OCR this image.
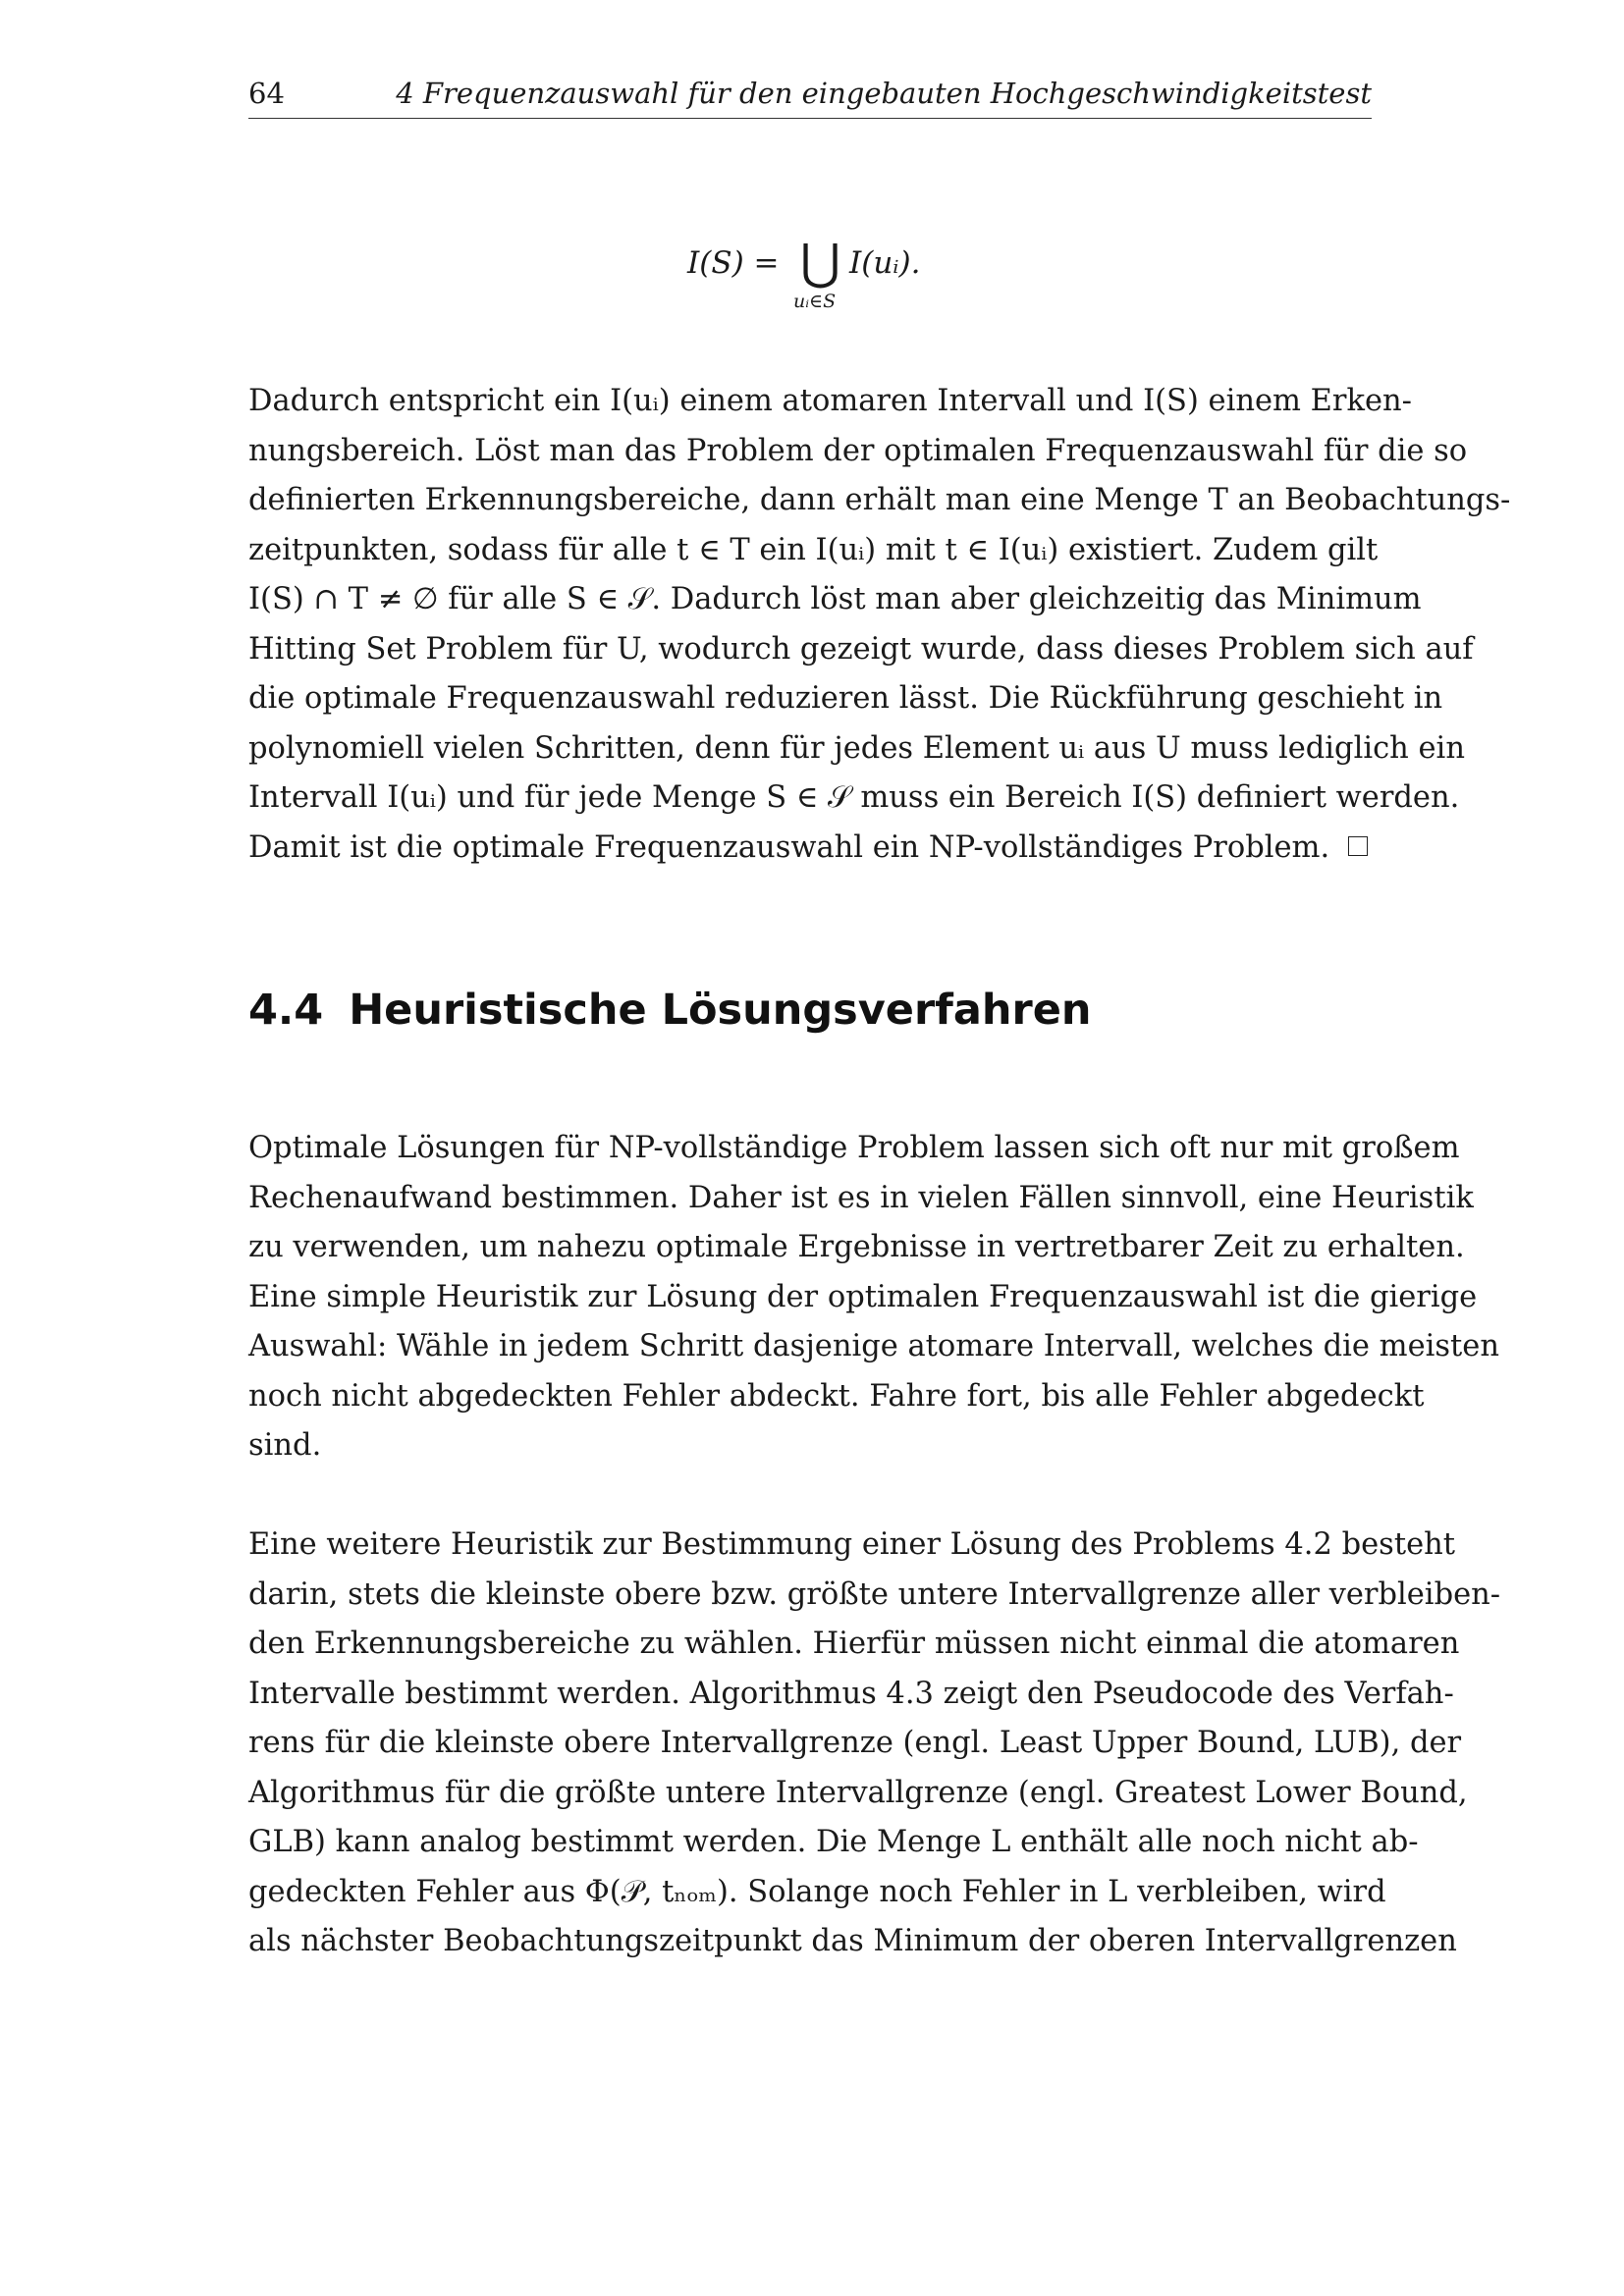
64	4 Frequenzauswahl für den eingebauten Hochgeschwindigkeitstest
I(S) = ⋃
uᵢ∈S
I(uᵢ).
Dadurch entspricht ein I(uᵢ) einem atomaren Intervall und I(S) einem Erken-
nungsbereich. Löst man das Problem der optimalen Frequenzauswahl für die so
definierten Erkennungsbereiche, dann erhält man eine Menge T an Beobachtungs-
zeitpunkten, sodass für alle t ∈ T ein I(uᵢ) mit t ∈ I(uᵢ) existiert. Zudem gilt
I(S) ∩ T ≠ ∅ für alle S ∈ 𝒮. Dadurch löst man aber gleichzeitig das Minimum
Hitting Set Problem für U, wodurch gezeigt wurde, dass dieses Problem sich auf
die optimale Frequenzauswahl reduzieren lässt. Die Rückführung geschieht in
polynomiell vielen Schritten, denn für jedes Element uᵢ aus U muss lediglich ein
Intervall I(uᵢ) und für jede Menge S ∈ 𝒮 muss ein Bereich I(S) definiert werden.
Damit ist die optimale Frequenzauswahl ein NP-vollständiges Problem.
4.4 Heuristische Lösungsverfahren
Optimale Lösungen für NP-vollständige Problem lassen sich oft nur mit großem
Rechenaufwand bestimmen. Daher ist es in vielen Fällen sinnvoll, eine Heuristik
zu verwenden, um nahezu optimale Ergebnisse in vertretbarer Zeit zu erhalten.
Eine simple Heuristik zur Lösung der optimalen Frequenzauswahl ist die gierige
Auswahl: Wähle in jedem Schritt dasjenige atomare Intervall, welches die meisten
noch nicht abgedeckten Fehler abdeckt. Fahre fort, bis alle Fehler abgedeckt
sind.
Eine weitere Heuristik zur Bestimmung einer Lösung des Problems 4.2 besteht
darin, stets die kleinste obere bzw. größte untere Intervallgrenze aller verbleiben-
den Erkennungsbereiche zu wählen. Hierfür müssen nicht einmal die atomaren
Intervalle bestimmt werden. Algorithmus 4.3 zeigt den Pseudocode des Verfah-
rens für die kleinste obere Intervallgrenze (engl. Least Upper Bound, LUB), der
Algorithmus für die größte untere Intervallgrenze (engl. Greatest Lower Bound,
GLB) kann analog bestimmt werden. Die Menge L enthält alle noch nicht ab-
gedeckten Fehler aus Φ(𝒫, tₙₒₘ). Solange noch Fehler in L verbleiben, wird
als nächster Beobachtungszeitpunkt das Minimum der oberen Intervallgrenzen
